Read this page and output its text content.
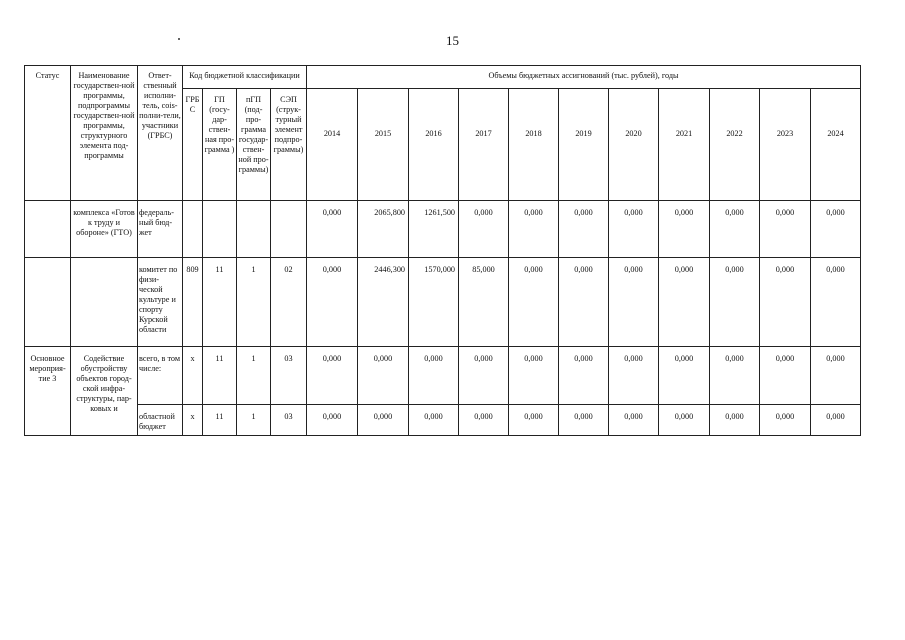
15
Статус	Наименование государствен-ной программы, подпрограммы государствен-ной программы, структурного элемента под-программы	Ответ-ственный исполни-тель, сois-полни-тели, участники (ГРБС)	Код бюджетной классификации				Объемы бюджетных ассигнований (тыс. рублей), годы										
			ГРБ С	ГП (госу-дар-ствен-ная про-грамма )	пГП (под-про-грамма государ-ствен-ной про-граммы)	СЭП (струк-турный элемент подпро-граммы)	2014	2015	2016	2017	2018	2019	2020	2021	2022	2023	2024
	комплекса «Готов к труду и обороне» (ГТО)	федераль-ный бюд-жет					0,000	2065,800	1261,500	0,000	0,000	0,000	0,000	0,000	0,000	0,000	0,000
		комитет по физи-ческой культуре и спорту Курской области	809	11	1	02	0,000	2446,300	1570,000	85,000	0,000	0,000	0,000	0,000	0,000	0,000	0,000
Основное мероприя-тие 3	Содействие обустройству объектов город-ской инфра-структуры, пар-ковых и	всего, в том числе:	х	11	1	03	0,000	0,000	0,000	0,000	0,000	0,000	0,000	0,000	0,000	0,000	0,000
		областной бюджет	х	11	1	03	0,000	0,000	0,000	0,000	0,000	0,000	0,000	0,000	0,000	0,000	0,000
